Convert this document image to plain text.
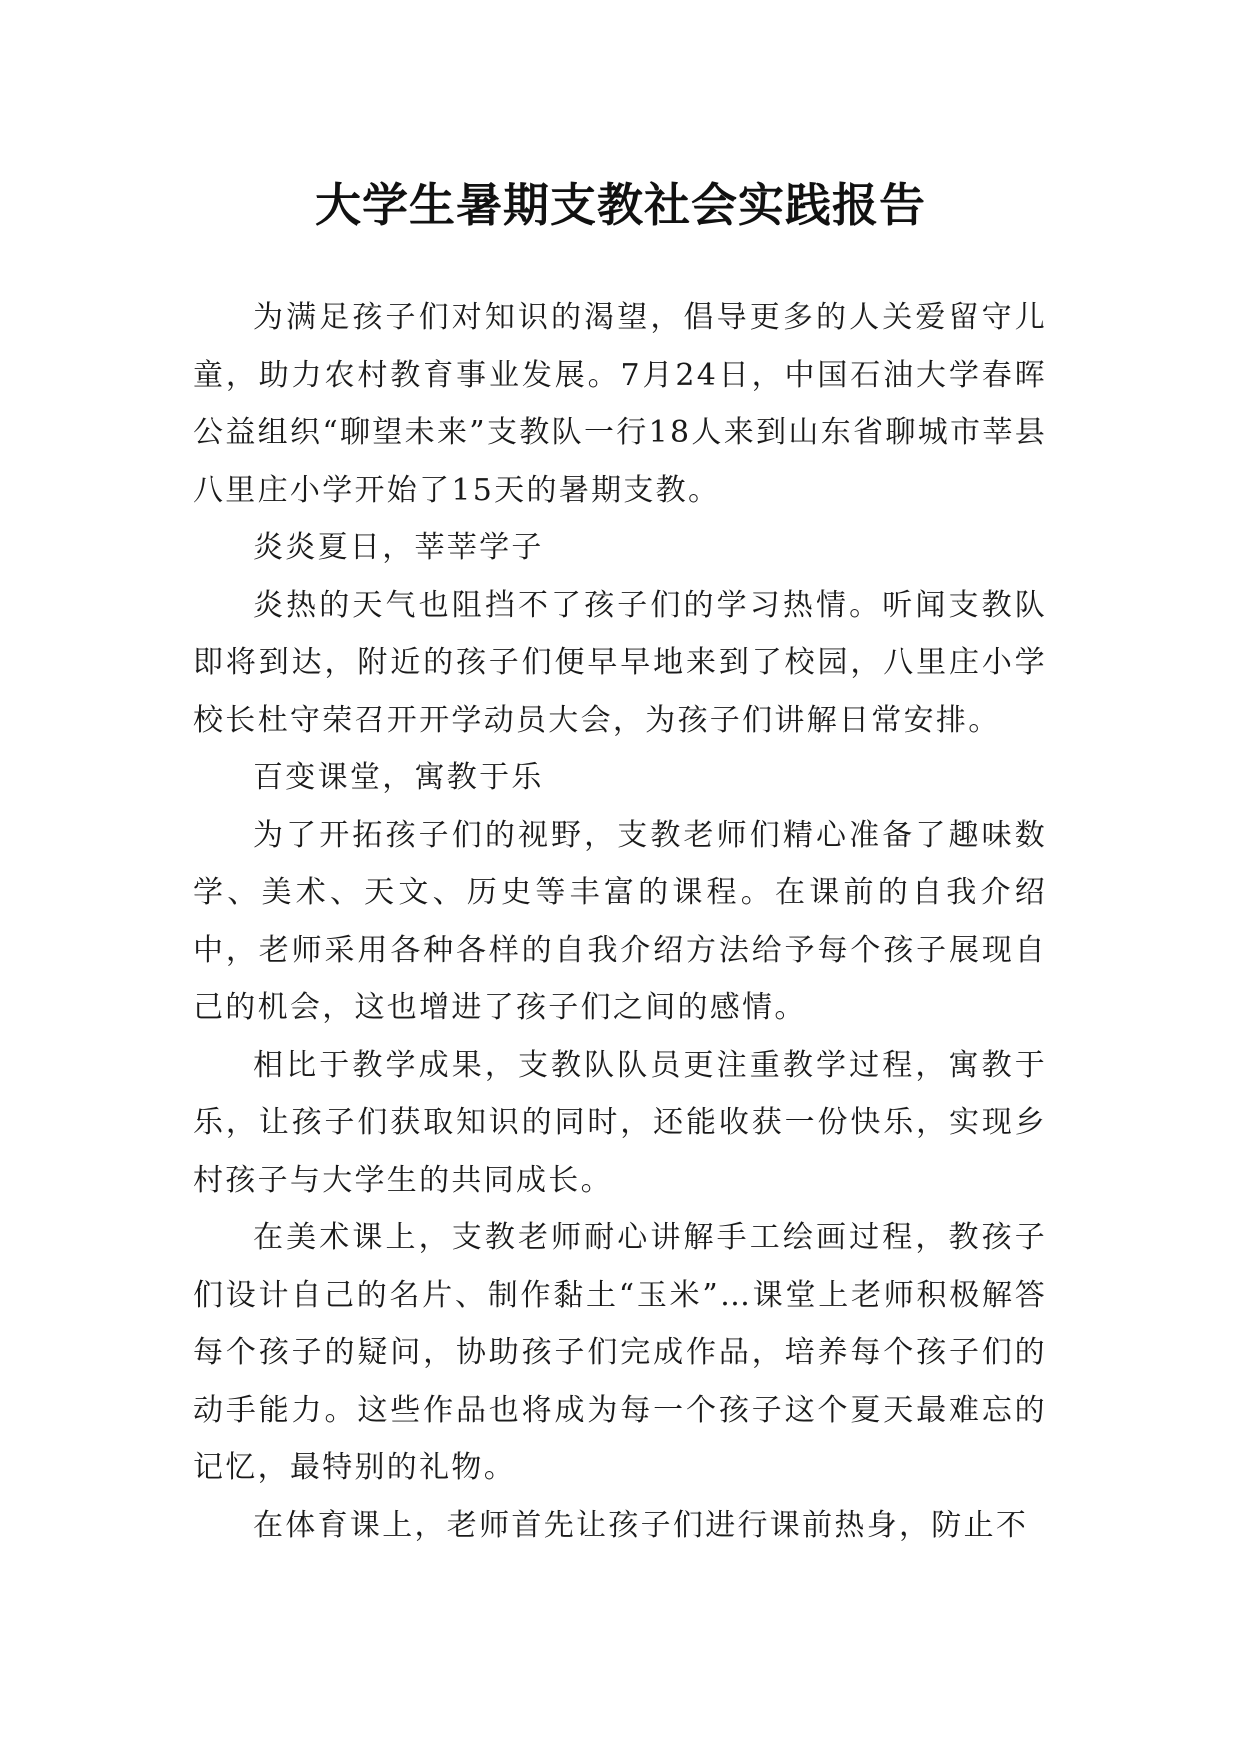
大学生暑期支教社会实践报告

为满足孩子们对知识的渴望，倡导更多的人关爱留守儿童，助力农村教育事业发展。7月24日，中国石油大学春晖公益组织“聊望未来”支教队一行18人来到山东省聊城市莘县八里庄小学开始了15天的暑期支教。

炎炎夏日，莘莘学子

炎热的天气也阻挡不了孩子们的学习热情。听闻支教队即将到达，附近的孩子们便早早地来到了校园，八里庄小学校长杜守荣召开开学动员大会，为孩子们讲解日常安排。

百变课堂，寓教于乐

为了开拓孩子们的视野，支教老师们精心准备了趣味数学、美术、天文、历史等丰富的课程。在课前的自我介绍中，老师采用各种各样的自我介绍方法给予每个孩子展现自己的机会，这也增进了孩子们之间的感情。

相比于教学成果，支教队队员更注重教学过程，寓教于乐，让孩子们获取知识的同时，还能收获一份快乐，实现乡村孩子与大学生的共同成长。

在美术课上，支教老师耐心讲解手工绘画过程，教孩子们设计自己的名片、制作黏土“玉米”…课堂上老师积极解答每个孩子的疑问，协助孩子们完成作品，培养每个孩子们的动手能力。这些作品也将成为每一个孩子这个夏天最难忘的记忆，最特别的礼物。

在体育课上，老师首先让孩子们进行课前热身，防止不
